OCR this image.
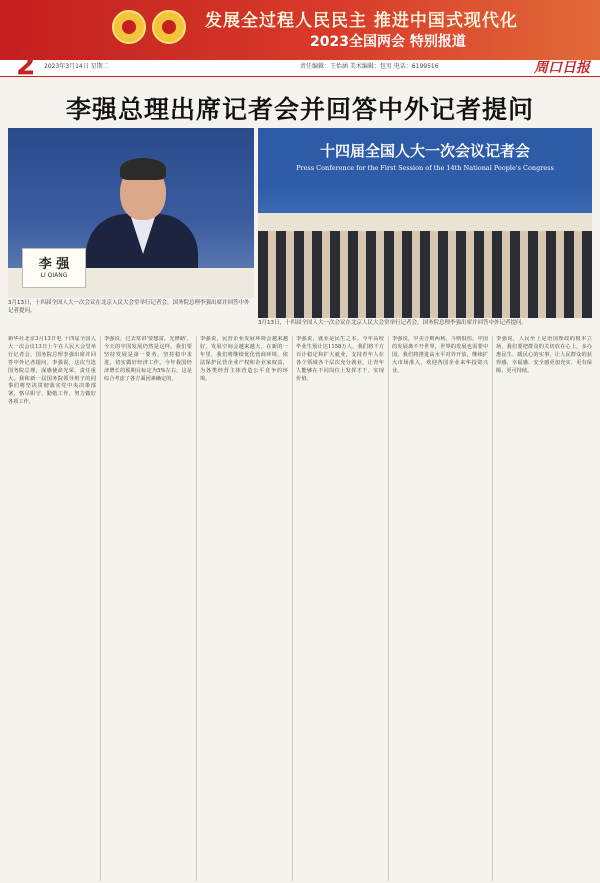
发展全过程人民民主 推进中国式现代化
2023全国两会 特别报道
2 2023年3月14日 星期二	责任编辑：王怡涵 美术编辑：包男 电话：6199516	周口日报
李强总理出席记者会并回答中外记者提问
李 强
LI QIANG
3月13日，十四届全国人大一次会议在北京人民大会堂举行记者会，国务院总理李强出席并回答中外记者提问。
十四届全国人大一次会议记者会
Press Conference for the First Session of the 14th National People's Congress
3月13日，十四届全国人大一次会议在北京人民大会堂举行记者会，国务院总理李强出席并回答中外记者提问。
新华社北京3月13日电 十四届全国人大一次会议13日上午在人民大会堂举行记者会，国务院总理李强出席并回答中外记者提问。李强说，这次当选国务院总理，深感使命光荣、责任重大。我和新一届国务院领导班子的同事们将坚决贯彻落实党中央决策部署，恪尽职守、勤勉工作，努力做好各项工作。
李强说，过去常讲'要想富，先修路'，今天的中国发展仍然是这样。我们要坚持发展是第一要务，坚持稳中求进，切实做好经济工作。今年我国经济增长的预期目标定为5%左右，这是综合考虑了各方面因素确定的。
李强说，民营企业发展环境会越来越好，发展空间会越来越大。在新的一年里，我们将继续优化营商环境，依法保护民营企业产权和企业家权益，为各类经营主体营造公平竞争的环境。
李强说，就业是民生之本。今年高校毕业生预计达1158万人，我们将千方百计稳定和扩大就业，支持青年人在各个领域各个层次充分就业，让青年人能够在不同岗位上发挥才干、实现价值。
李强说，中美合则两利、斗则俱伤。中国的发展离不开世界，世界的发展也需要中国。我们将推进高水平对外开放，继续扩大市场准入，欢迎各国企业来华投资兴业。
李强说，人民至上是治国理政的根本立场，我们要把群众的关切放在心上，多办惠民生、暖民心的实事，让人民群众的获得感、幸福感、安全感更加充实、更有保障、更可持续。
